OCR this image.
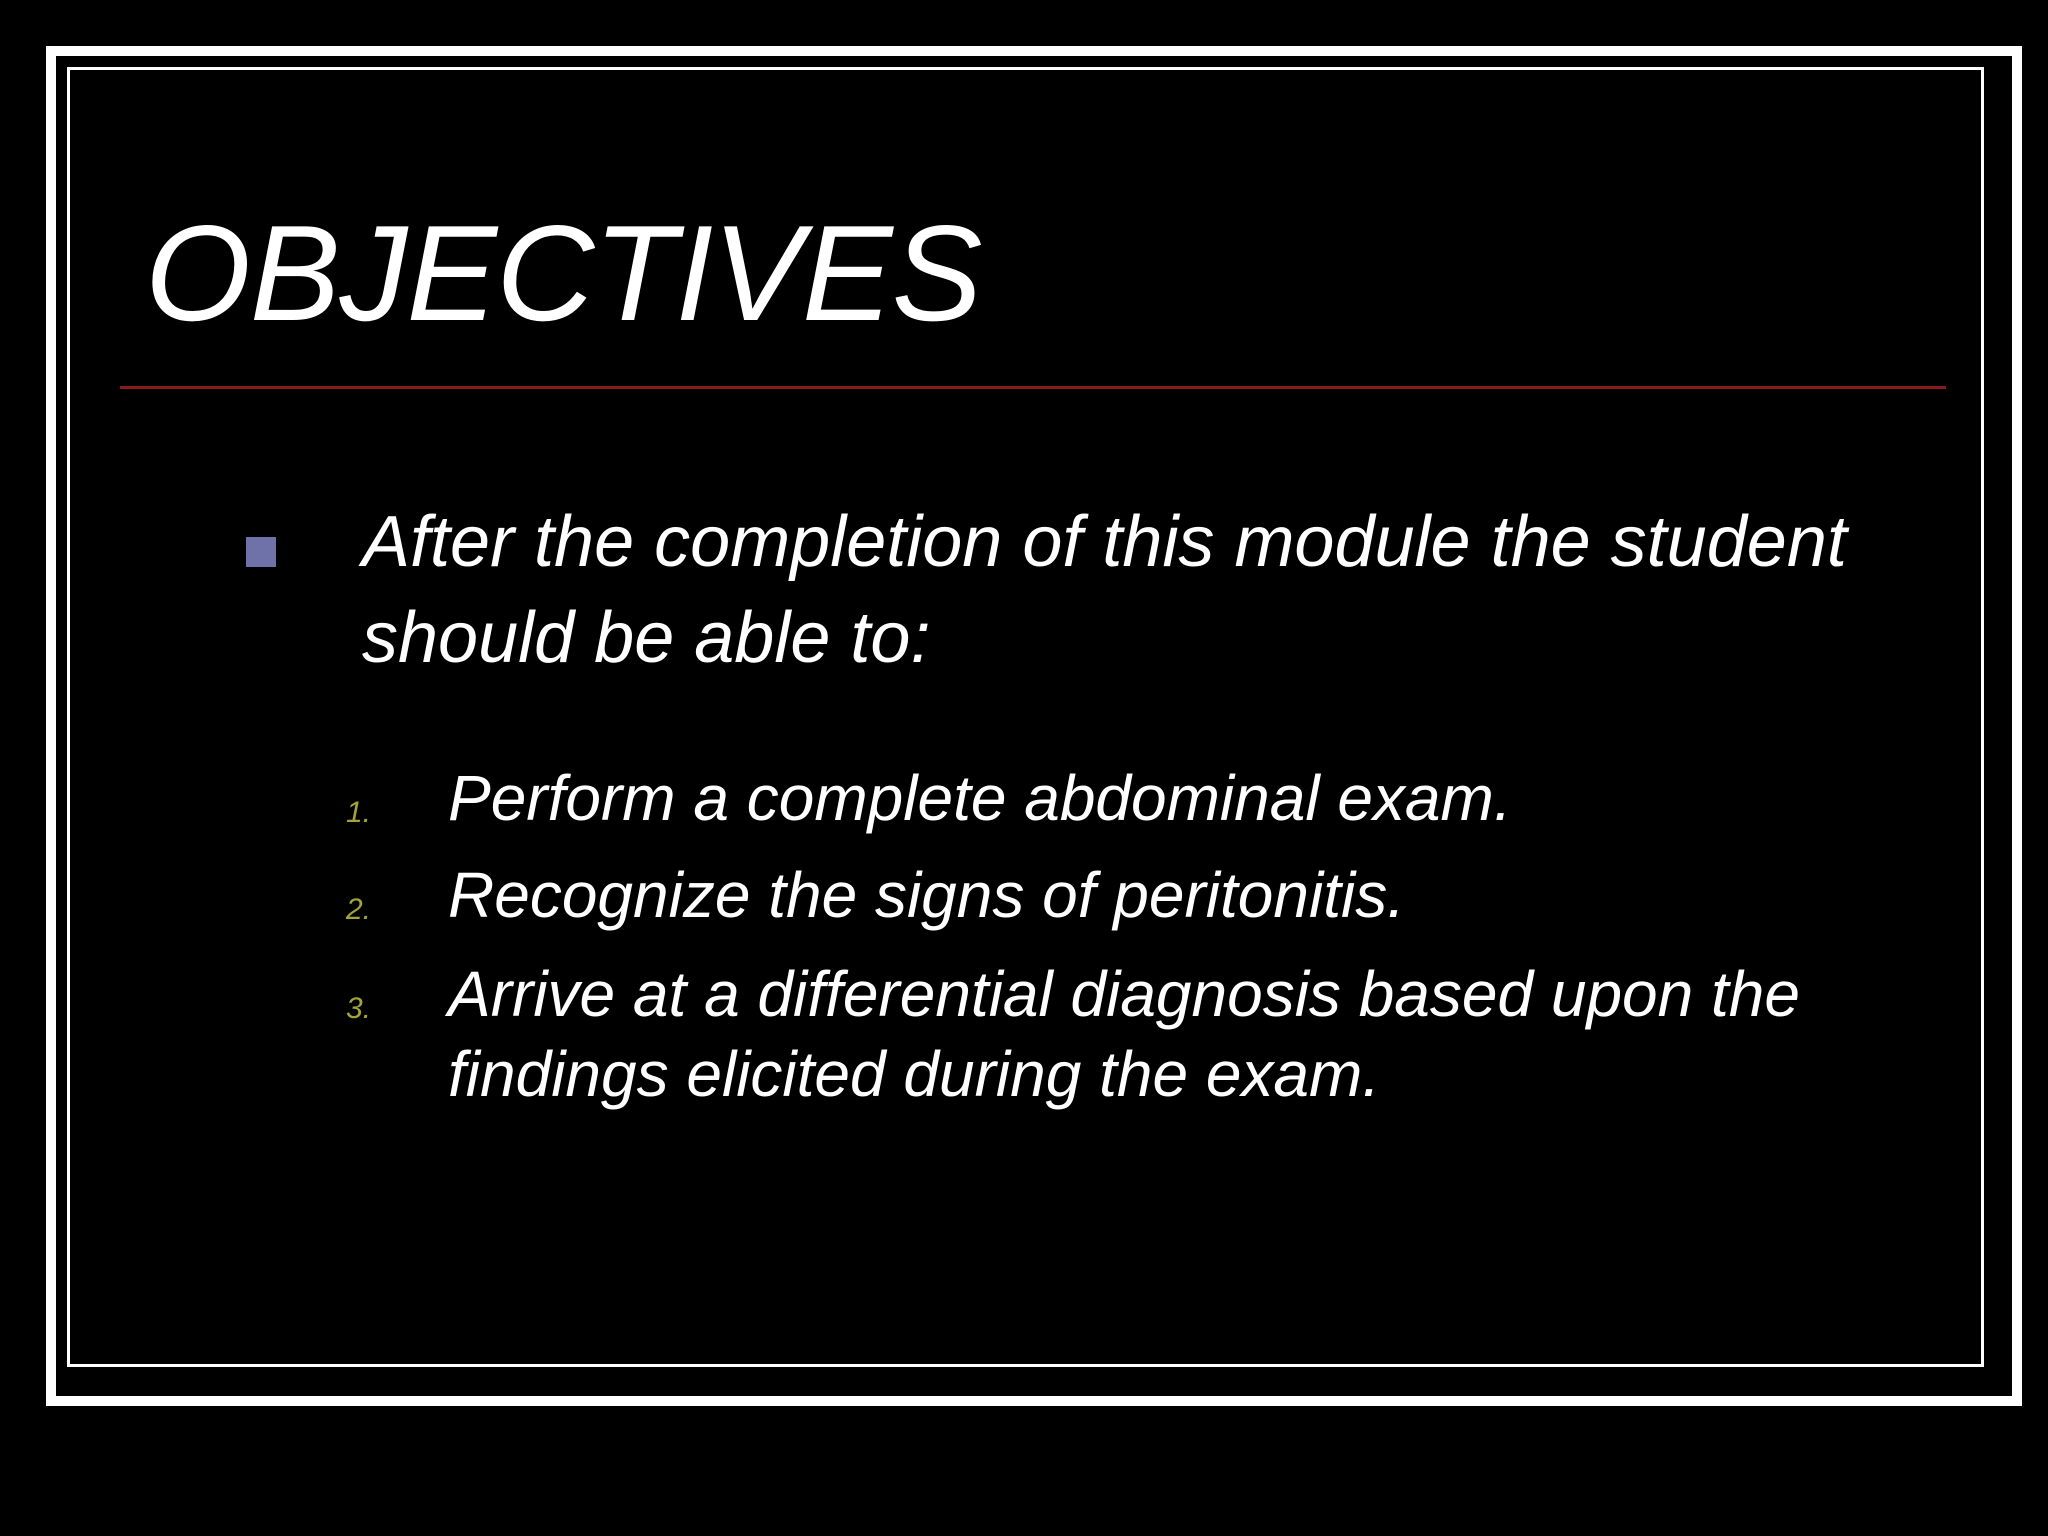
OBJECTIVES

After the completion of this module the student should be able to:

1. Perform a complete abdominal exam.

2. Recognize the signs of peritonitis.

3. Arrive at a differential diagnosis based upon the findings elicited during the exam.
